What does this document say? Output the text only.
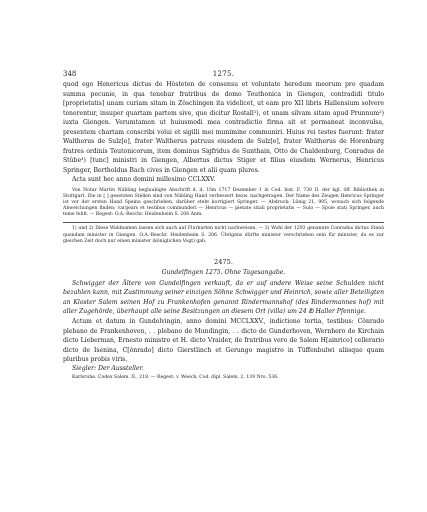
348	1275.

quod ego Henericus dictus de Hôsteten de consensu et voluntate heredum meorum pro quadam summa pecunie, in qua tenebar fratribus de domo Teuthonica in Giengen, contradidi titulo [proprietatis] unam curiam sitam in Zôschingen ita videlicet, ut eam pro XII libris Hallensium solvere tenerentur, insuper quartam partem sive, que dicitur Rostall¹), et unam silvam sitam apud Prunnum²) iuxta Giengen. Verumtamen ut huiusmodi mea contradictio firma sit et permaneat inconvulsa, presentem chartam conscribi volui et sigilli mei munimine communiri. Huius rei testes fuerunt: frater Waltherus de Sulz[e], frater Waltherus patruus eiusdem de Sulz[e], frater Waltherus de Horenburg fratres ordinis Teutonicorum, item dominus Sigfridus de Sunthain, Otto de Chaldenburg, Conradus de Stûbe³) [tunc] ministri in Giengen, Albertus dictus Stiger et filius eiusdem Wernerus, Henricus Springer, Bertholdus Bach cives in Giengen et alii quam plures.

Acta sunt hec anno domini millesimo CCLXXV.

Von Notar Martin Nübling beglaubigte Abschrift d. d. Ulm 1717 Dezember 1 in Cod. hist. F. 730 II. der kgl. öff. Bibliothek in Stuttgart. Die in [ ] gesetzten Stellen sind von Nübling Hand verbessert bezw. nachgetragen. Der Name des Zeugen Henricus Springer ist vor der ersten Hand Speina geschrieben, darüber steht korrigiert Springer. — Abdruck: Lünig 21, 905, wonach sich folgende Abweichungen finden: varijears et testibus communderi — Henricus — pietate sitali proprietatis — Sulo — Spoie stati Springer, auch teme fehlt. — Regest: O.A.-Beschr. Heidenheim S. 206 Anm.

1) und 2) Diese Waldnamen lassen sich auch auf Flurkarten nicht nachweisen. — 3) Wohl der 1293 genannte Conradus dictus Stanâ quondam minister in Giengen. O.A.-Beschr. Heidenheim S. 206. Übrigens dürfte minister verschrieben sein für minister, da es zur gleichen Zeit doch nur einen minister (königlichen Vogt) gab.

2475.
Gundelfingen 1275. Ohne Tagesangabe.

Schwigger der Ältere von Gundelfingen verkauft, da er auf andere Weise seine Schulden nicht bezahlen kann, mit Zustimmung seiner einzigen Söhne Schwigger und Heinrich, sowie aller Beteiligten an Kloster Salem seinen Hof zu Frankenhofen genannt Rindermannshof (des Rindermannes hof) mit aller Zugehörde, überhaupt alle seine Besitzungen an diesem Ort (villa) um 24 ℔ Haller Pfennige.

Actum et datum in Gundelvingin, anno domini MCCLXXV., indictione tertia, testibus: Cônrado plebano de Frankenhoven, . . plebano de Mundingin, . . dicto de Gunderhoven, Wernhero de Kirchain dicto Lieberman, Ernesto ministro et H. dicto Vraider, de fratribus vero de Salem H[ainrico] cellerario dicto de Isenina, C[ônrado] dicto Gierstlinch et Gerungo magistro in Tüffenbulwi aliisque quam pluribus probis viris.

Siegler: Der Aussteller.

Karlsruhe. Codex Salem. II., 218. — Regest: v. Weech, Cod. dipl. Salem. 2, 139 Nro. 536.
